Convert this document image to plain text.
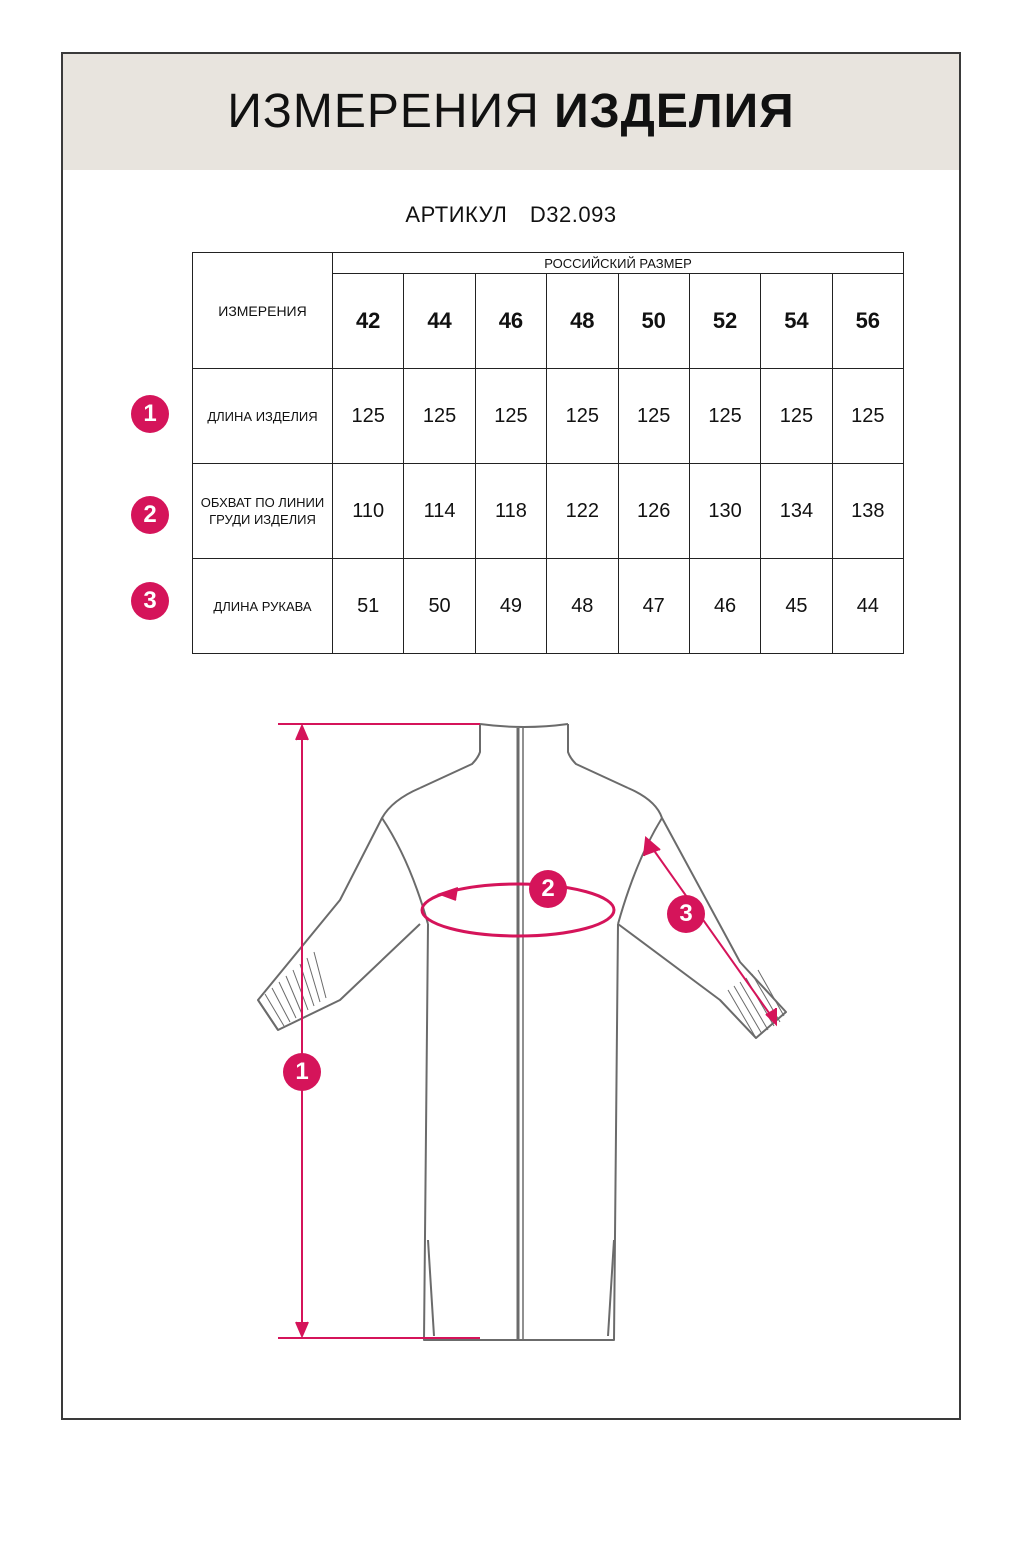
ИЗМЕРЕНИЯ ИЗДЕЛИЯ
АРТИКУЛ D32.093
ИЗМЕРЕНИЯ	РОССИЙСКИЙ РАЗМЕР							
	42	44	46	48	50	52	54	56
ДЛИНА ИЗДЕЛИЯ	125	125	125	125	125	125	125	125
ОБХВАТ ПО ЛИНИИ ГРУДИ ИЗДЕЛИЯ	110	114	118	122	126	130	134	138
ДЛИНА РУКАВА	51	50	49	48	47	46	45	44
1
2
3
1
2
3
